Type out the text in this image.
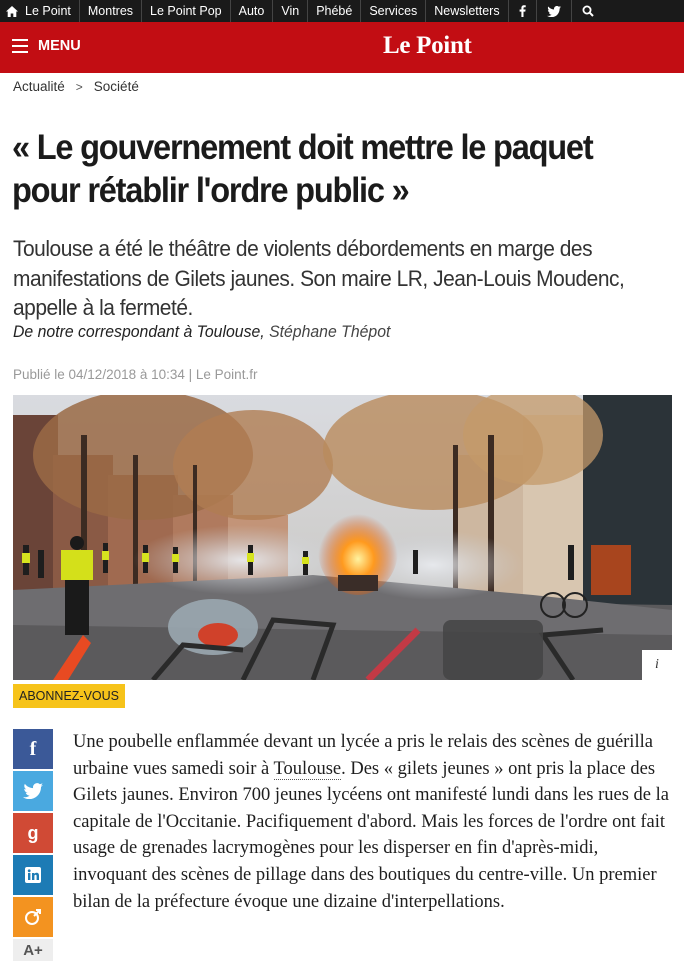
Le Point Montres Le Point Pop Auto Vin Phébé Services Newsletters
MENU	Le Point
Actualité > Société
« Le gouvernement doit mettre le paquet pour rétablir l'ordre public »

Toulouse a été le théâtre de violents débordements en marge des manifestations de Gilets jaunes. Son maire LR, Jean-Louis Moudenc, appelle à la fermeté.

De notre correspondant à Toulouse, Stéphane Thépot
Publié le 04/12/2018 à 10:34 | Le Point.fr
i
ABONNEZ-VOUS
f
g
A+

Une poubelle enflammée devant un lycée a pris le relais des scènes de guérilla urbaine vues samedi soir à Toulouse. Des « gilets jeunes » ont pris la place des Gilets jaunes. Environ 700 jeunes lycéens ont manifesté lundi dans les rues de la capitale de l'Occitanie. Pacifiquement d'abord. Mais les forces de l'ordre ont fait usage de grenades lacrymogènes pour les disperser en fin d'après-midi, invoquant des scènes de pillage dans des boutiques du centre-ville. Un premier bilan de la préfecture évoque une dizaine d'interpellations.
